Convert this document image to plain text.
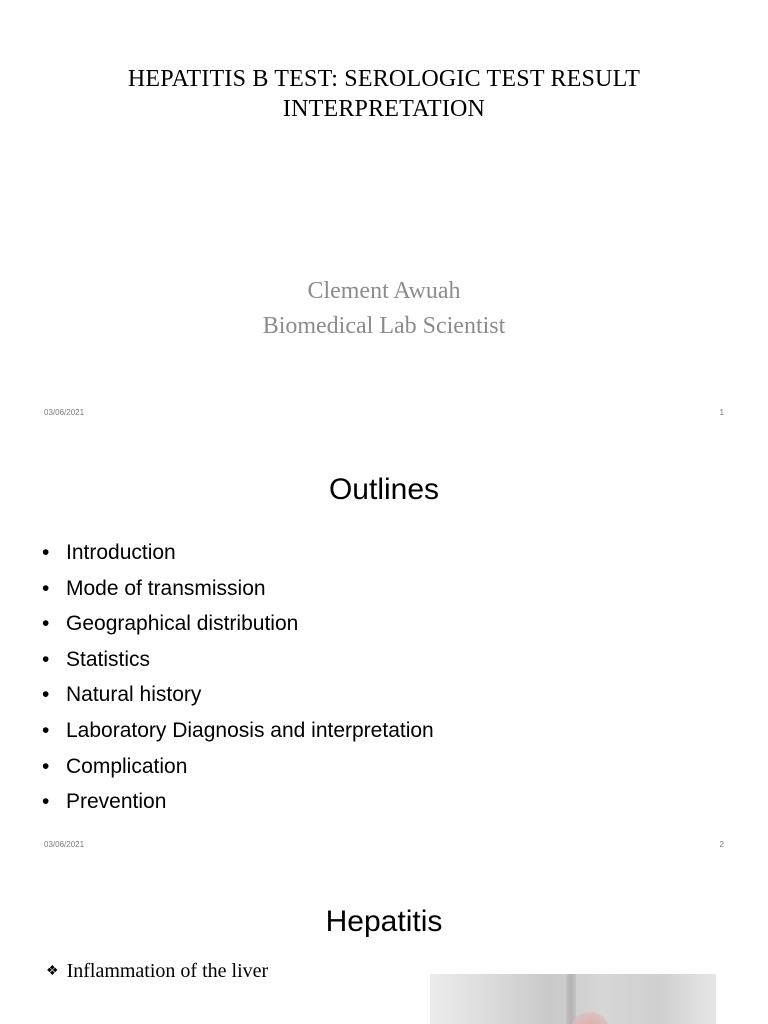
HEPATITIS B TEST: SEROLOGIC TEST RESULT
INTERPRETATION
Clement Awuah
Biomedical Lab Scientist
03/06/2021	1
Outlines
• Introduction
• Mode of transmission
• Geographical distribution
• Statistics
• Natural history
• Laboratory Diagnosis and interpretation
• Complication
• Prevention
03/06/2021	2
Hepatitis
❖ Inflammation of the liver
